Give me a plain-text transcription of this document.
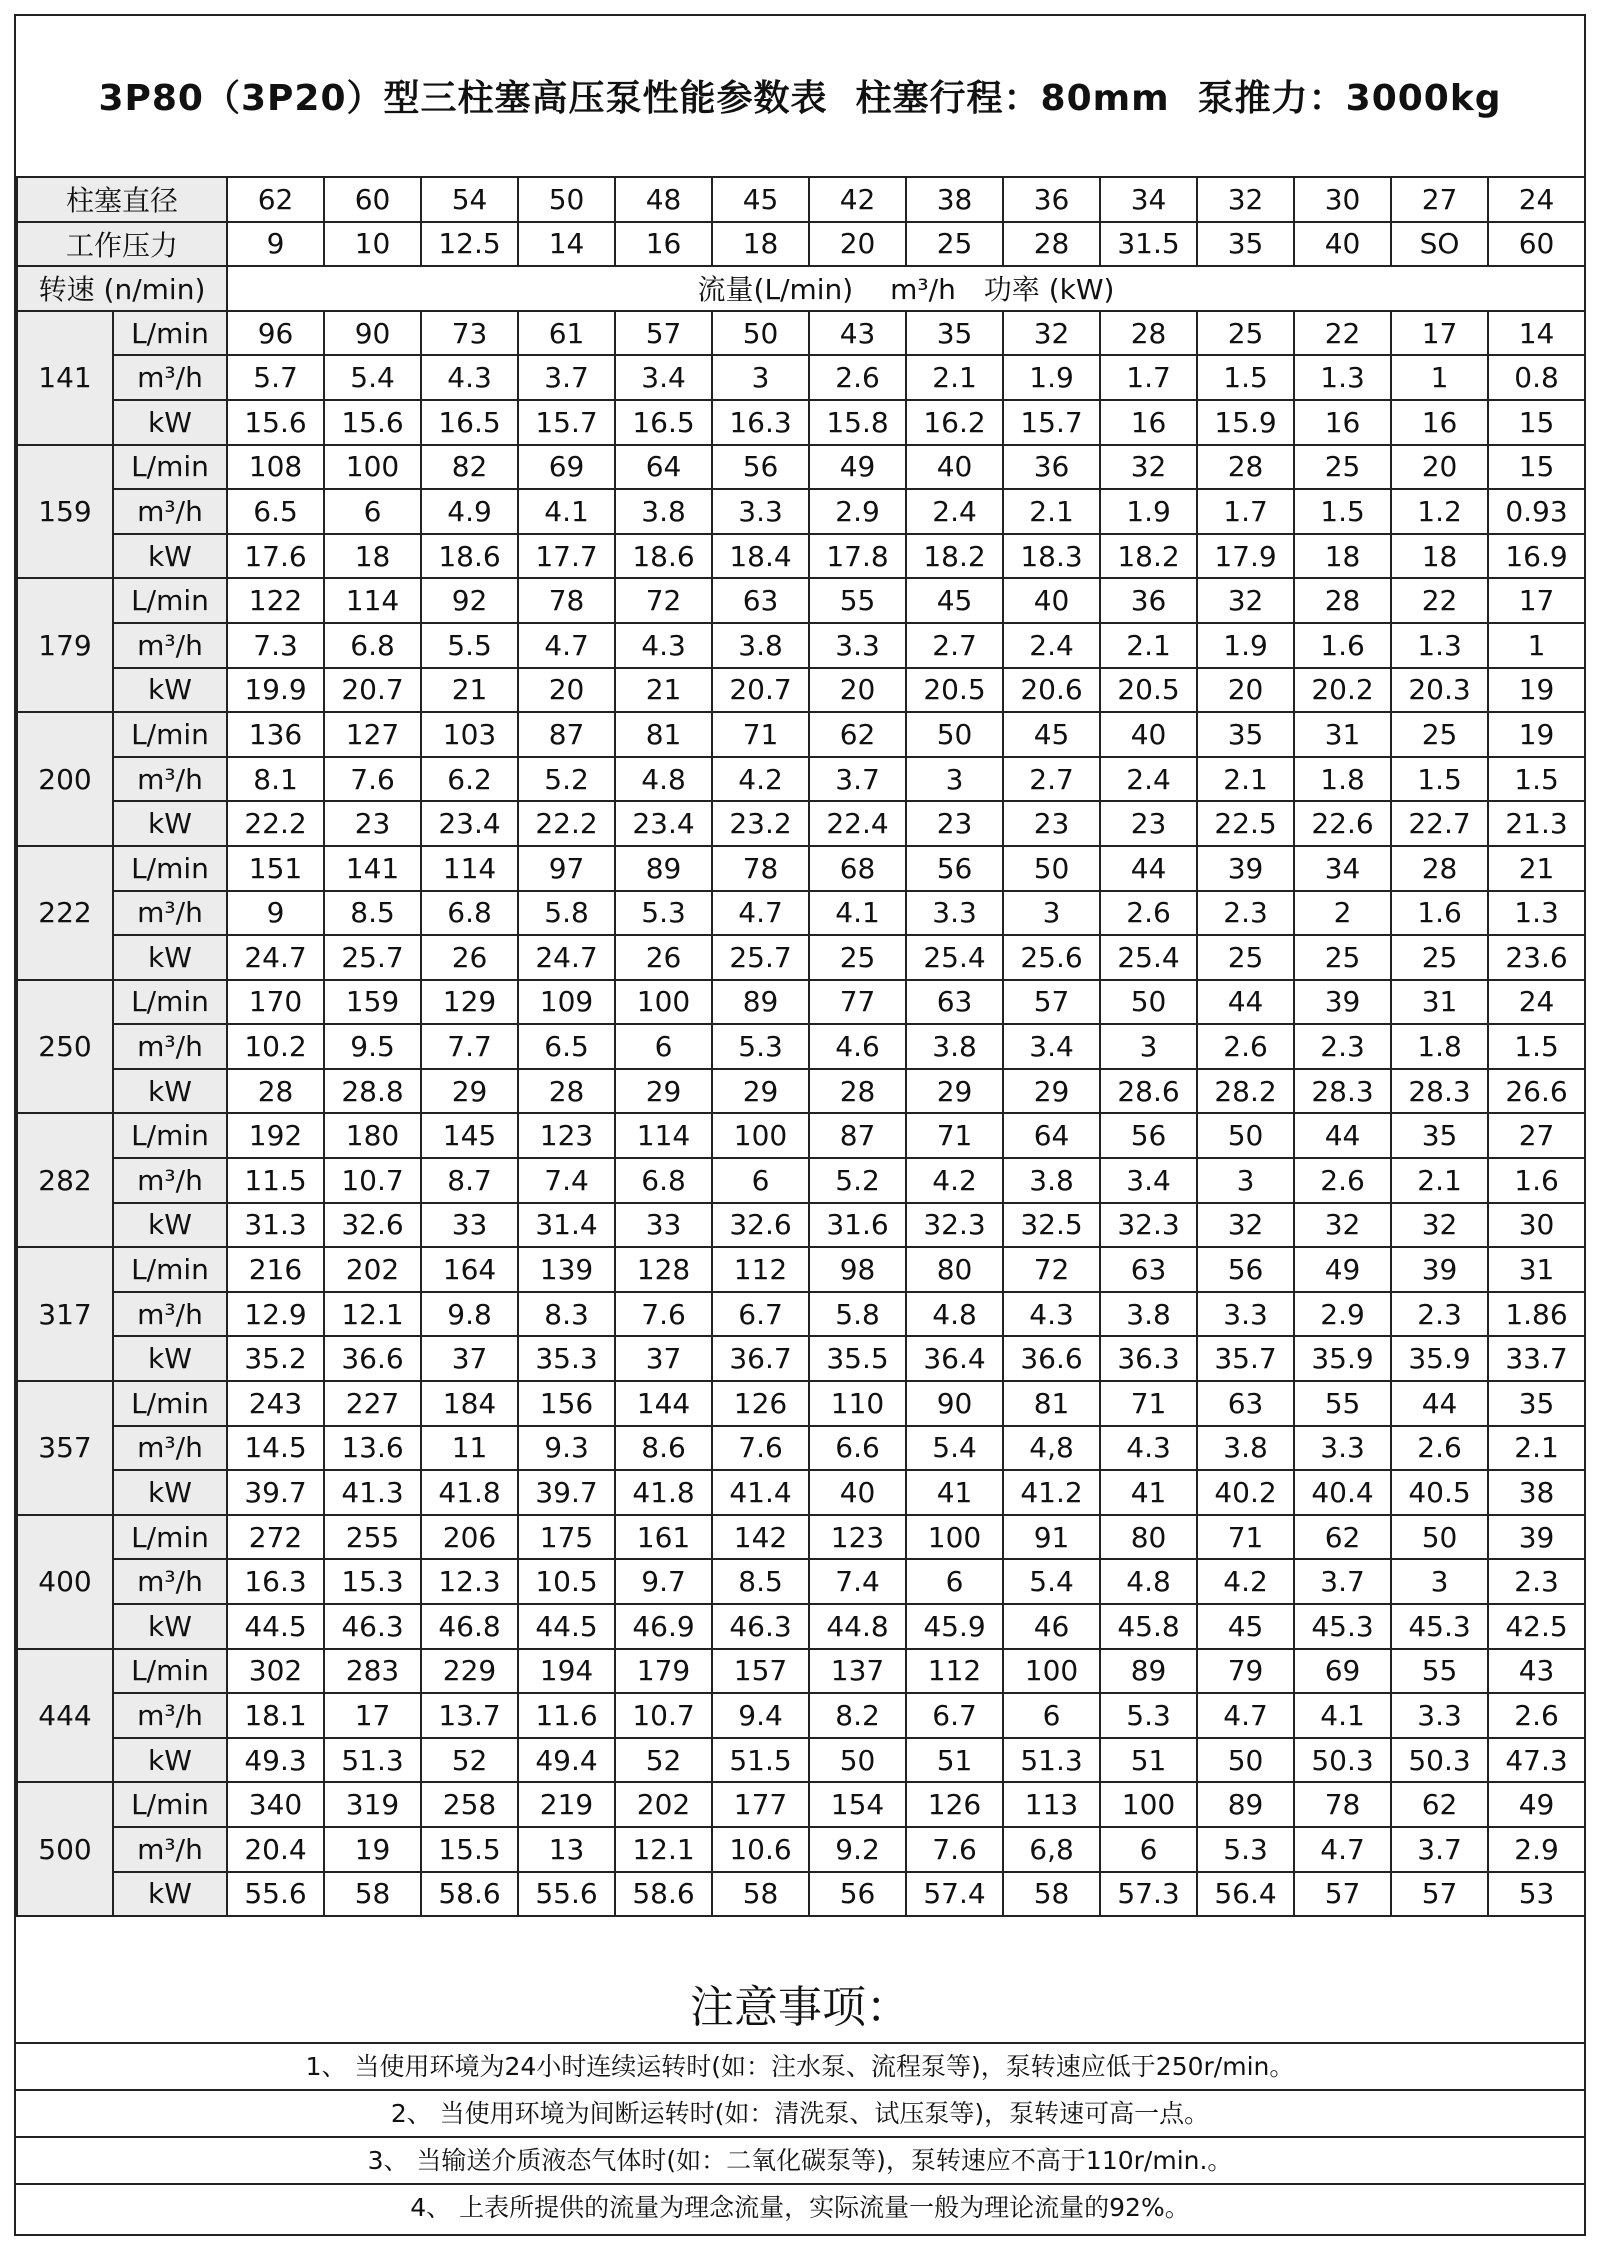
3P80（3P20）型三柱塞高压泵性能参数表 柱塞行程：80mm 泵推力：3000kg
柱塞直径		62	60	54	50	48	45	42	38	36	34	32	30	27	24
工作压力		9	10	12.5	14	16	18	20	25	28	31.5	35	40	SO	60
转速 (n/min)		流量(L/min)　 m³/h　功率 (kW)													
141	L/min	96	90	73	61	57	50	43	35	32	28	25	22	17	14
	m³/h	5.7	5.4	4.3	3.7	3.4	3	2.6	2.1	1.9	1.7	1.5	1.3	1	0.8
	kW	15.6	15.6	16.5	15.7	16.5	16.3	15.8	16.2	15.7	16	15.9	16	16	15
159	L/min	108	100	82	69	64	56	49	40	36	32	28	25	20	15
	m³/h	6.5	6	4.9	4.1	3.8	3.3	2.9	2.4	2.1	1.9	1.7	1.5	1.2	0.93
	kW	17.6	18	18.6	17.7	18.6	18.4	17.8	18.2	18.3	18.2	17.9	18	18	16.9
179	L/min	122	114	92	78	72	63	55	45	40	36	32	28	22	17
	m³/h	7.3	6.8	5.5	4.7	4.3	3.8	3.3	2.7	2.4	2.1	1.9	1.6	1.3	1
	kW	19.9	20.7	21	20	21	20.7	20	20.5	20.6	20.5	20	20.2	20.3	19
200	L/min	136	127	103	87	81	71	62	50	45	40	35	31	25	19
	m³/h	8.1	7.6	6.2	5.2	4.8	4.2	3.7	3	2.7	2.4	2.1	1.8	1.5	1.5
	kW	22.2	23	23.4	22.2	23.4	23.2	22.4	23	23	23	22.5	22.6	22.7	21.3
222	L/min	151	141	114	97	89	78	68	56	50	44	39	34	28	21
	m³/h	9	8.5	6.8	5.8	5.3	4.7	4.1	3.3	3	2.6	2.3	2	1.6	1.3
	kW	24.7	25.7	26	24.7	26	25.7	25	25.4	25.6	25.4	25	25	25	23.6
250	L/min	170	159	129	109	100	89	77	63	57	50	44	39	31	24
	m³/h	10.2	9.5	7.7	6.5	6	5.3	4.6	3.8	3.4	3	2.6	2.3	1.8	1.5
	kW	28	28.8	29	28	29	29	28	29	29	28.6	28.2	28.3	28.3	26.6
282	L/min	192	180	145	123	114	100	87	71	64	56	50	44	35	27
	m³/h	11.5	10.7	8.7	7.4	6.8	6	5.2	4.2	3.8	3.4	3	2.6	2.1	1.6
	kW	31.3	32.6	33	31.4	33	32.6	31.6	32.3	32.5	32.3	32	32	32	30
317	L/min	216	202	164	139	128	112	98	80	72	63	56	49	39	31
	m³/h	12.9	12.1	9.8	8.3	7.6	6.7	5.8	4.8	4.3	3.8	3.3	2.9	2.3	1.86
	kW	35.2	36.6	37	35.3	37	36.7	35.5	36.4	36.6	36.3	35.7	35.9	35.9	33.7
357	L/min	243	227	184	156	144	126	110	90	81	71	63	55	44	35
	m³/h	14.5	13.6	11	9.3	8.6	7.6	6.6	5.4	4,8	4.3	3.8	3.3	2.6	2.1
	kW	39.7	41.3	41.8	39.7	41.8	41.4	40	41	41.2	41	40.2	40.4	40.5	38
400	L/min	272	255	206	175	161	142	123	100	91	80	71	62	50	39
	m³/h	16.3	15.3	12.3	10.5	9.7	8.5	7.4	6	5.4	4.8	4.2	3.7	3	2.3
	kW	44.5	46.3	46.8	44.5	46.9	46.3	44.8	45.9	46	45.8	45	45.3	45.3	42.5
444	L/min	302	283	229	194	179	157	137	112	100	89	79	69	55	43
	m³/h	18.1	17	13.7	11.6	10.7	9.4	8.2	6.7	6	5.3	4.7	4.1	3.3	2.6
	kW	49.3	51.3	52	49.4	52	51.5	50	51	51.3	51	50	50.3	50.3	47.3
500	L/min	340	319	258	219	202	177	154	126	113	100	89	78	62	49
	m³/h	20.4	19	15.5	13	12.1	10.6	9.2	7.6	6,8	6	5.3	4.7	3.7	2.9
	kW	55.6	58	58.6	55.6	58.6	58	56	57.4	58	57.3	56.4	57	57	53
注意事项：
1、 当使用环境为24小时连续运转时(如：注水泵、流程泵等)，泵转速应低于250r/min。
2、 当使用环境为间断运转时(如：清洗泵、试压泵等)，泵转速可高一点。
3、 当输送介质液态气体时(如：二氧化碳泵等)，泵转速应不高于110r/min.。
4、 上表所提供的流量为理念流量，实际流量一般为理论流量的92%。
